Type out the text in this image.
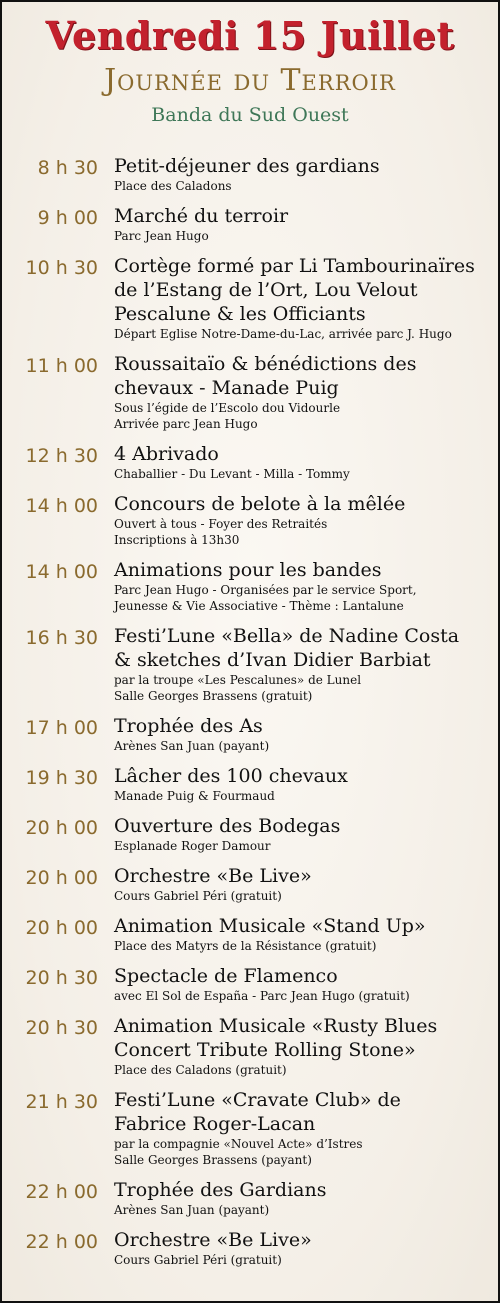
Vendredi 15 Juillet
Journée du Terroir
Banda du Sud Ouest
8 h 30 Petit-déjeuner des gardians
Place des Caladons
9 h 00 Marché du terroir
Parc Jean Hugo
10 h 30 Cortège formé par Li Tambourinaïres
de l’Estang de l’Ort, Lou Velout
Pescalune & les Officiants
Départ Eglise Notre-Dame-du-Lac, arrivée parc J. Hugo
11 h 00 Roussaitaïo & bénédictions des
chevaux - Manade Puig
Sous l’égide de l’Escolo dou Vidourle
Arrivée parc Jean Hugo
12 h 30 4 Abrivado
Chaballier - Du Levant - Milla - Tommy
14 h 00 Concours de belote à la mêlée
Ouvert à tous - Foyer des Retraités
Inscriptions à 13h30
14 h 00 Animations pour les bandes
Parc Jean Hugo - Organisées par le service Sport,
Jeunesse & Vie Associative - Thème : Lantalune
16 h 30 Festi’Lune «Bella» de Nadine Costa
& sketches d’Ivan Didier Barbiat
par la troupe «Les Pescalunes» de Lunel
Salle Georges Brassens (gratuit)
17 h 00 Trophée des As
Arènes San Juan (payant)
19 h 30 Lâcher des 100 chevaux
Manade Puig & Fourmaud
20 h 00 Ouverture des Bodegas
Esplanade Roger Damour
20 h 00 Orchestre «Be Live»
Cours Gabriel Péri (gratuit)
20 h 00 Animation Musicale «Stand Up»
Place des Matyrs de la Résistance (gratuit)
20 h 30 Spectacle de Flamenco
avec El Sol de España - Parc Jean Hugo (gratuit)
20 h 30 Animation Musicale «Rusty Blues
Concert Tribute Rolling Stone»
Place des Caladons (gratuit)
21 h 30 Festi’Lune «Cravate Club» de
Fabrice Roger-Lacan
par la compagnie «Nouvel Acte» d’Istres
Salle Georges Brassens (payant)
22 h 00 Trophée des Gardians
Arènes San Juan (payant)
22 h 00 Orchestre «Be Live»
Cours Gabriel Péri (gratuit)
